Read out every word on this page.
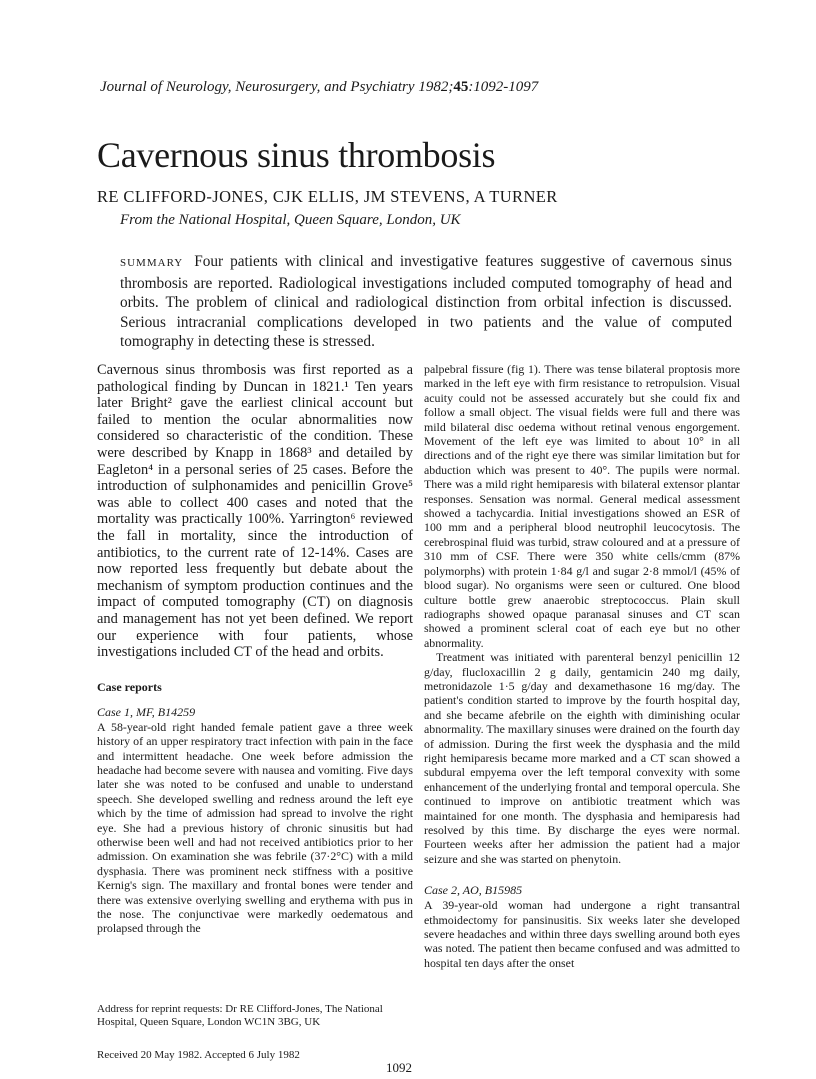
Journal of Neurology, Neurosurgery, and Psychiatry 1982;45:1092-1097
Cavernous sinus thrombosis
RE CLIFFORD-JONES, CJK ELLIS, JM STEVENS, A TURNER
From the National Hospital, Queen Square, London, UK

SUMMARY Four patients with clinical and investigative features suggestive of cavernous sinus thrombosis are reported. Radiological investigations included computed tomography of head and orbits. The problem of clinical and radiological distinction from orbital infection is discussed. Serious intracranial complications developed in two patients and the value of computed tomography in detecting these is stressed.

Cavernous sinus thrombosis was first reported as a pathological finding by Duncan in 1821.¹ Ten years later Bright² gave the earliest clinical account but failed to mention the ocular abnormalities now considered so characteristic of the condition. These were described by Knapp in 1868³ and detailed by Eagleton⁴ in a personal series of 25 cases. Before the introduction of sulphonamides and penicillin Grove⁵ was able to collect 400 cases and noted that the mortality was practically 100%. Yarrington⁶ reviewed the fall in mortality, since the introduction of antibiotics, to the current rate of 12-14%. Cases are now reported less frequently but debate about the mechanism of symptom production continues and the impact of computed tomography (CT) on diagnosis and management has not yet been defined. We report our experience with four patients, whose investigations included CT of the head and orbits.

Case reports
Case 1, MF, B14259

A 58-year-old right handed female patient gave a three week history of an upper respiratory tract infection with pain in the face and intermittent headache. One week before admission the headache had become severe with nausea and vomiting. Five days later she was noted to be confused and unable to understand speech. She developed swelling and redness around the left eye which by the time of admission had spread to involve the right eye. She had a previous history of chronic sinusitis but had otherwise been well and had not received antibiotics prior to her admission. On examination she was febrile (37·2°C) with a mild dysphasia. There was prominent neck stiffness with a positive Kernig's sign. The maxillary and frontal bones were tender and there was extensive overlying swelling and erythema with pus in the nose. The conjunctivae were markedly oedematous and prolapsed through the

palpebral fissure (fig 1). There was tense bilateral proptosis more marked in the left eye with firm resistance to retropulsion. Visual acuity could not be assessed accurately but she could fix and follow a small object. The visual fields were full and there was mild bilateral disc oedema without retinal venous engorgement. Movement of the left eye was limited to about 10° in all directions and of the right eye there was similar limitation but for abduction which was present to 40°. The pupils were normal. There was a mild right hemiparesis with bilateral extensor plantar responses. Sensation was normal. General medical assessment showed a tachycardia. Initial investigations showed an ESR of 100 mm and a peripheral blood neutrophil leucocytosis. The cerebrospinal fluid was turbid, straw coloured and at a pressure of 310 mm of CSF. There were 350 white cells/cmm (87% polymorphs) with protein 1·84 g/l and sugar 2·8 mmol/l (45% of blood sugar). No organisms were seen or cultured. One blood culture bottle grew anaerobic streptococcus. Plain skull radiographs showed opaque paranasal sinuses and CT scan showed a prominent scleral coat of each eye but no other abnormality.

Treatment was initiated with parenteral benzyl penicillin 12 g/day, flucloxacillin 2 g daily, gentamicin 240 mg daily, metronidazole 1·5 g/day and dexamethasone 16 mg/day. The patient's condition started to improve by the fourth hospital day, and she became afebrile on the eighth with diminishing ocular abnormality. The maxillary sinuses were drained on the fourth day of admission. During the first week the dysphasia and the mild right hemiparesis became more marked and a CT scan showed a subdural empyema over the left temporal convexity with some enhancement of the underlying frontal and temporal opercula. She continued to improve on antibiotic treatment which was maintained for one month. The dysphasia and hemiparesis had resolved by this time. By discharge the eyes were normal. Fourteen weeks after her admission the patient had a major seizure and she was started on phenytoin.

Case 2, AO, B15985

A 39-year-old woman had undergone a right transantral ethmoidectomy for pansinusitis. Six weeks later she developed severe headaches and within three days swelling around both eyes was noted. The patient then became confused and was admitted to hospital ten days after the onset

Address for reprint requests: Dr RE Clifford-Jones, The National Hospital, Queen Square, London WC1N 3BG, UK

Received 20 May 1982. Accepted 6 July 1982

1092
